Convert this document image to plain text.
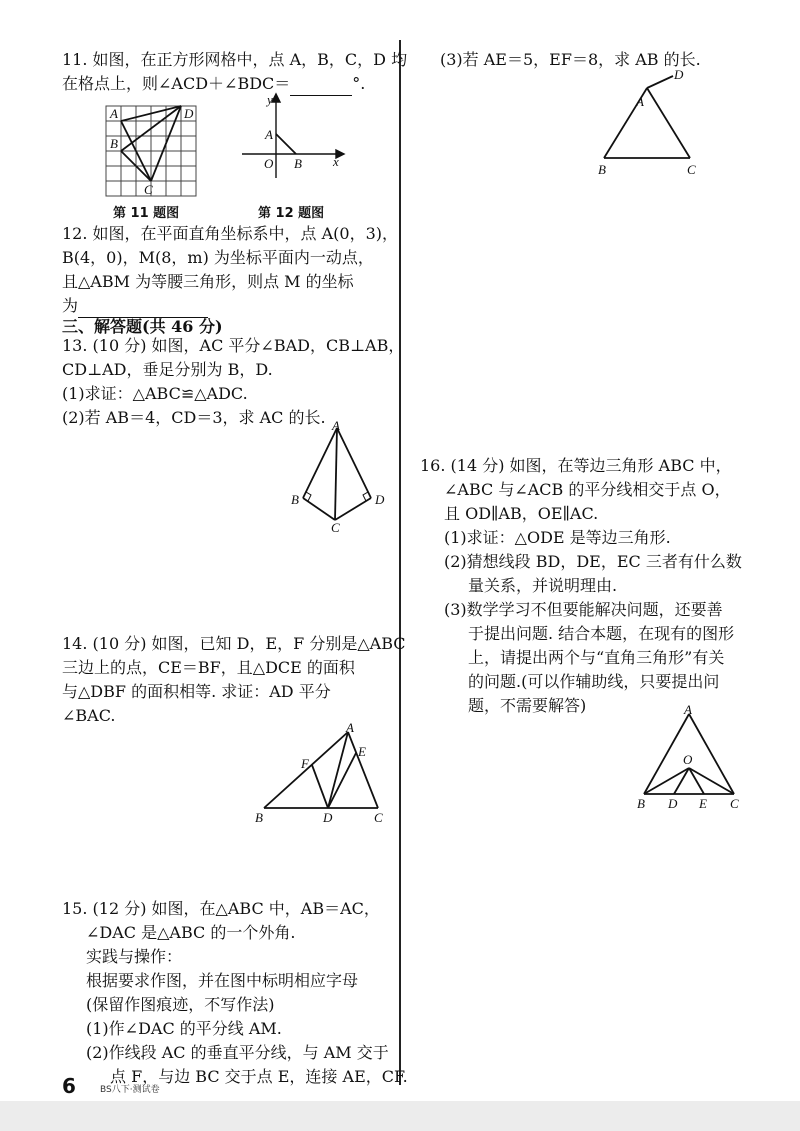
11. 如图，在正方形网格中，点 A，B，C，D 均
在格点上，则∠ACD＋∠BDC＝	°.
A	D
B
C
第 11 题图
y
x
A
O B
第 12 题图
12. 如图，在平面直角坐标系中，点 A(0，3)，
B(4，0)，M(8，m) 为坐标平面内一动点，
且△ABM 为等腰三角形，则点 M 的坐标
为
三、解答题(共 46 分)
13. (10 分) 如图，AC 平分∠BAD，CB⊥AB，
CD⊥AD，垂足分别为 B，D.
(1)求证：△ABC≌△ADC.
(2)若 AB＝4，CD＝3，求 AC 的长. A
B	D
C
14. (10 分) 如图，已知 D，E，F 分别是△ABC
三边上的点，CE＝BF，且△DCE 的面积
与△DBF 的面积相等. 求证：AD 平分
∠BAC.
A
E
F
B	D	C
15. (12 分) 如图，在△ABC 中，AB＝AC，
∠DAC 是△ABC 的一个外角.
实践与操作：
根据要求作图，并在图中标明相应字母
(保留作图痕迹，不写作法)
(1)作∠DAC 的平分线 AM.
(2)作线段 AC 的垂直平分线，与 AM 交于
点 F，与边 BC 交于点 E，连接 AE，CF.
(3)若 AE＝5，EF＝8，求 AB 的长.
D
A
B	C
16. (14 分) 如图，在等边三角形 ABC 中，
∠ABC 与∠ACB 的平分线相交于点 O，
且 OD∥AB，OE∥AC.
(1)求证：△ODE 是等边三角形.
(2)猜想线段 BD，DE，EC 三者有什么数
量关系，并说明理由.
(3)数学学习不但要能解决问题，还要善
于提出问题. 结合本题，在现有的图形
上，请提出两个与“直角三角形”有关
的问题.(可以作辅助线，只要提出问
题，不需要解答)	A
O
B D E C
6	BS八下·测试卷
